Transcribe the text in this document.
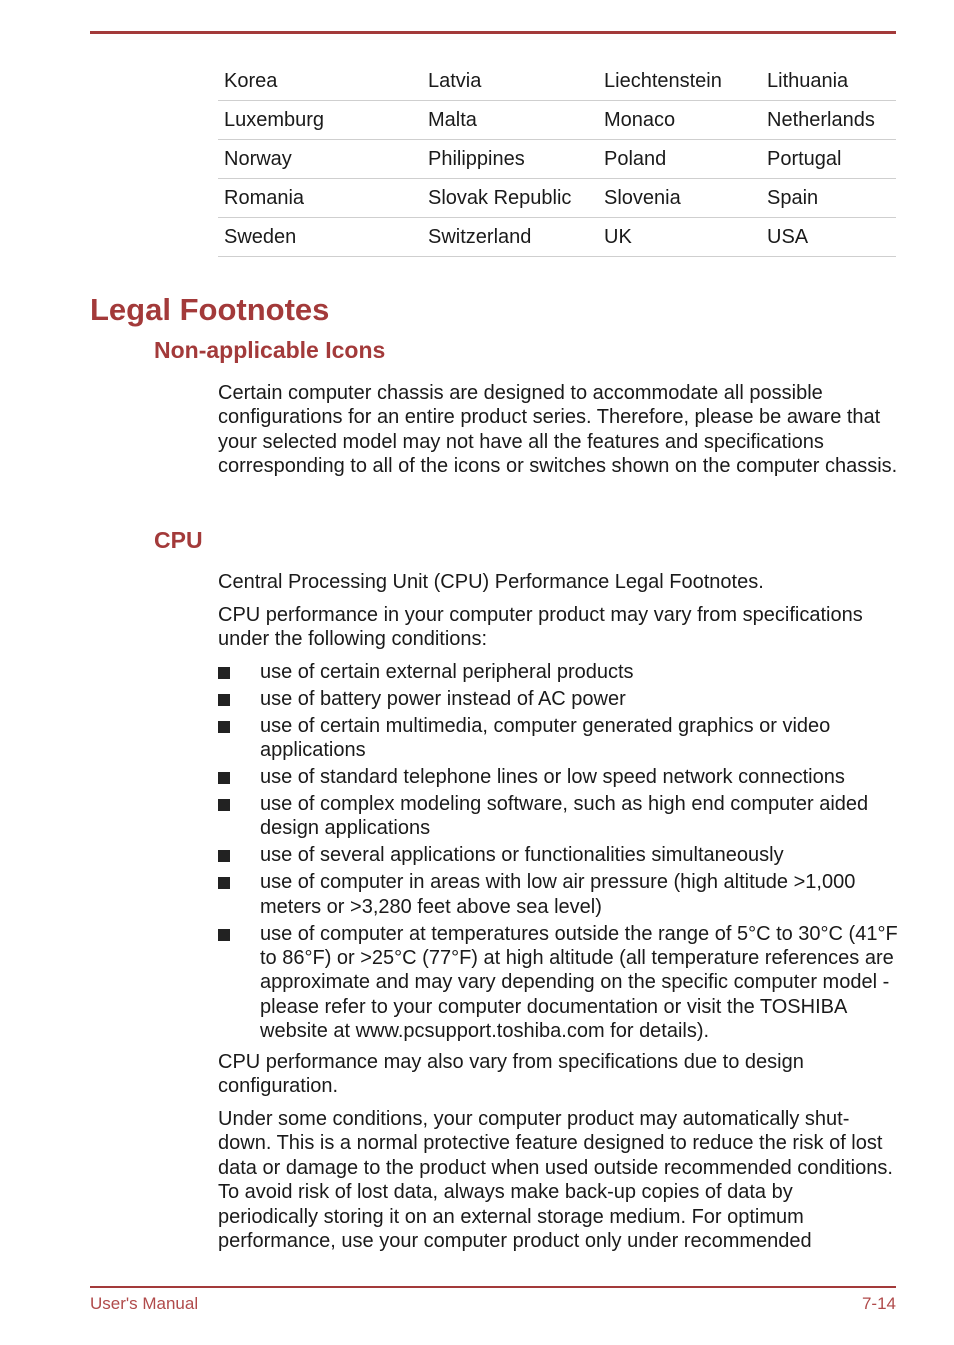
Korea	Latvia	Liechtenstein	Lithuania
Luxemburg	Malta	Monaco	Netherlands
Norway	Philippines	Poland	Portugal
Romania	Slovak Republic	Slovenia	Spain
Sweden	Switzerland	UK	USA
Legal Footnotes
Non-applicable Icons

Certain computer chassis are designed to accommodate all possible configurations for an entire product series. Therefore, please be aware that your selected model may not have all the features and specifications corresponding to all of the icons or switches shown on the computer chassis.

CPU

Central Processing Unit (CPU) Performance Legal Footnotes.

CPU performance in your computer product may vary from specifications under the following conditions:

use of certain external peripheral products
use of battery power instead of AC power
use of certain multimedia, computer generated graphics or video applications
use of standard telephone lines or low speed network connections
use of complex modeling software, such as high end computer aided design applications
use of several applications or functionalities simultaneously
use of computer in areas with low air pressure (high altitude >1,000 meters or >3,280 feet above sea level)
use of computer at temperatures outside the range of 5°C to 30°C (41°F to 86°F) or >25°C (77°F) at high altitude (all temperature references are approximate and may vary depending on the specific computer model - please refer to your computer documentation or visit the TOSHIBA website at www.pcsupport.toshiba.com for details).

CPU performance may also vary from specifications due to design configuration.

Under some conditions, your computer product may automatically shut-down. This is a normal protective feature designed to reduce the risk of lost data or damage to the product when used outside recommended conditions. To avoid risk of lost data, always make back-up copies of data by periodically storing it on an external storage medium. For optimum performance, use your computer product only under recommended

User's Manual	7-14
